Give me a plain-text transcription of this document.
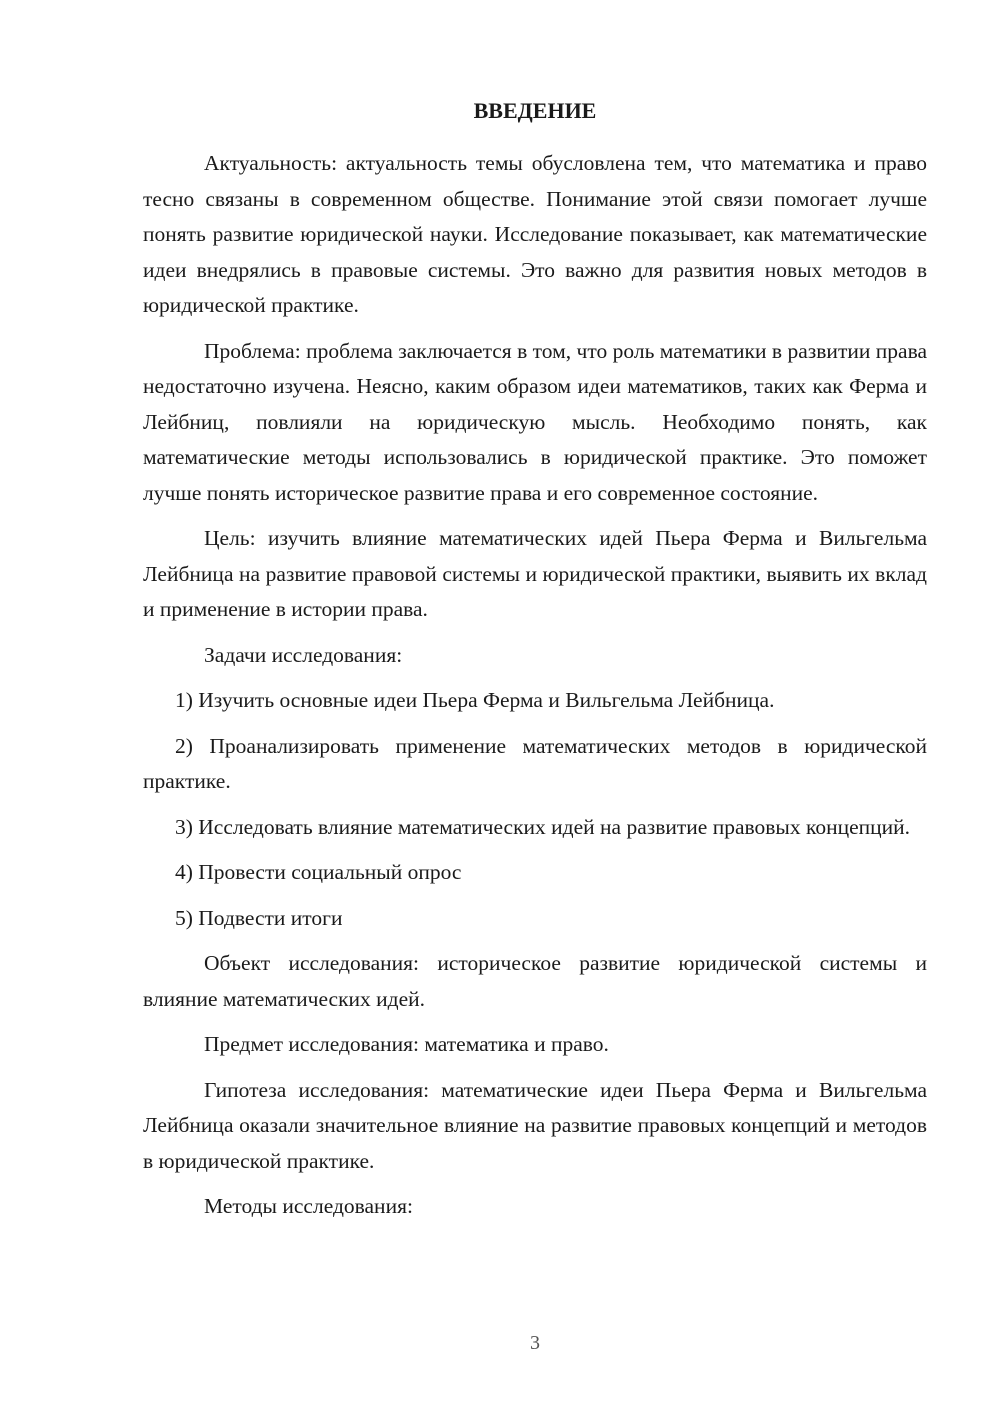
ВВЕДЕНИЕ

Актуальность: актуальность темы обусловлена тем, что математика и право тесно связаны в современном обществе. Понимание этой связи помогает лучше понять развитие юридической науки. Исследование показывает, как математические идеи внедрялись в правовые системы. Это важно для развития новых методов в юридической практике.

Проблема: проблема заключается в том, что роль математики в развитии права недостаточно изучена. Неясно, каким образом идеи математиков, таких как Ферма и Лейбниц, повлияли на юридическую мысль. Необходимо понять, как математические методы использовались в юридической практике. Это поможет лучше понять историческое развитие права и его современное состояние.

Цель: изучить влияние математических идей Пьера Ферма и Вильгельма Лейбница на развитие правовой системы и юридической практики, выявить их вклад и применение в истории права.

Задачи исследования:

1) Изучить основные идеи Пьера Ферма и Вильгельма Лейбница.

2) Проанализировать применение математических методов в юридической практике.

3) Исследовать влияние математических идей на развитие правовых концепций.

4) Провести социальный опрос

5) Подвести итоги

Объект исследования: историческое развитие юридической системы и влияние математических идей.

Предмет исследования: математика и право.

Гипотеза исследования: математические идеи Пьера Ферма и Вильгельма Лейбница оказали значительное влияние на развитие правовых концепций и методов в юридической практике.

Методы исследования:

3
